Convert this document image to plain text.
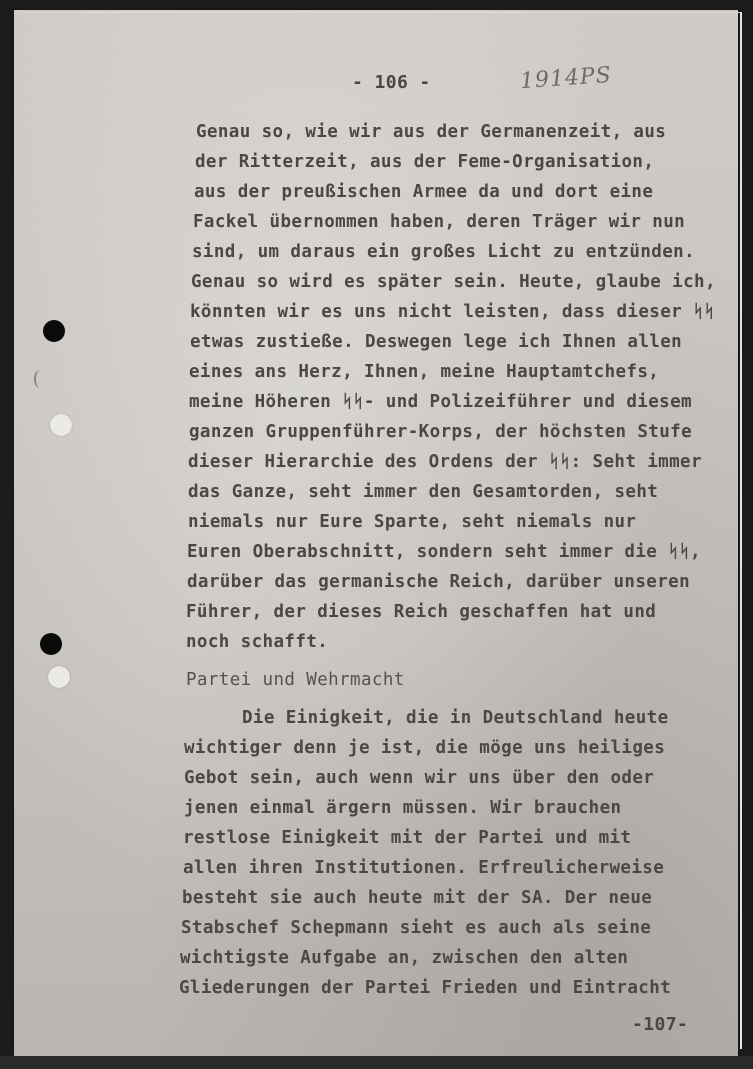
- 106 -	1914PS
Genau so, wie wir aus der Germanenzeit, aus
der Ritterzeit, aus der Feme-Organisation,
aus der preußischen Armee da und dort eine
Fackel übernommen haben, deren Träger wir nun
sind, um daraus ein großes Licht zu entzünden.
Genau so wird es später sein. Heute, glaube ich,
könnten wir es uns nicht leisten, dass dieser ᛋᛋ
etwas zustieße. Deswegen lege ich Ihnen allen
eines ans Herz, Ihnen, meine Hauptamtchefs,
meine Höheren ᛋᛋ- und Polizeiführer und diesem
ganzen Gruppenführer-Korps, der höchsten Stufe
dieser Hierarchie des Ordens der ᛋᛋ: Seht immer
das Ganze, seht immer den Gesamtorden, seht
niemals nur Eure Sparte, seht niemals nur
Euren Oberabschnitt, sondern seht immer die ᛋᛋ,
darüber das germanische Reich, darüber unseren
Führer, der dieses Reich geschaffen hat und
noch schafft.
Partei und Wehrmacht
Die Einigkeit, die in Deutschland heute
wichtiger denn je ist, die möge uns heiliges
Gebot sein, auch wenn wir uns über den oder
jenen einmal ärgern müssen. Wir brauchen
restlose Einigkeit mit der Partei und mit
allen ihren Institutionen. Erfreulicherweise
besteht sie auch heute mit der SA. Der neue
Stabschef Schepmann sieht es auch als seine
wichtigste Aufgabe an, zwischen den alten
Gliederungen der Partei Frieden und Eintracht
-107-
